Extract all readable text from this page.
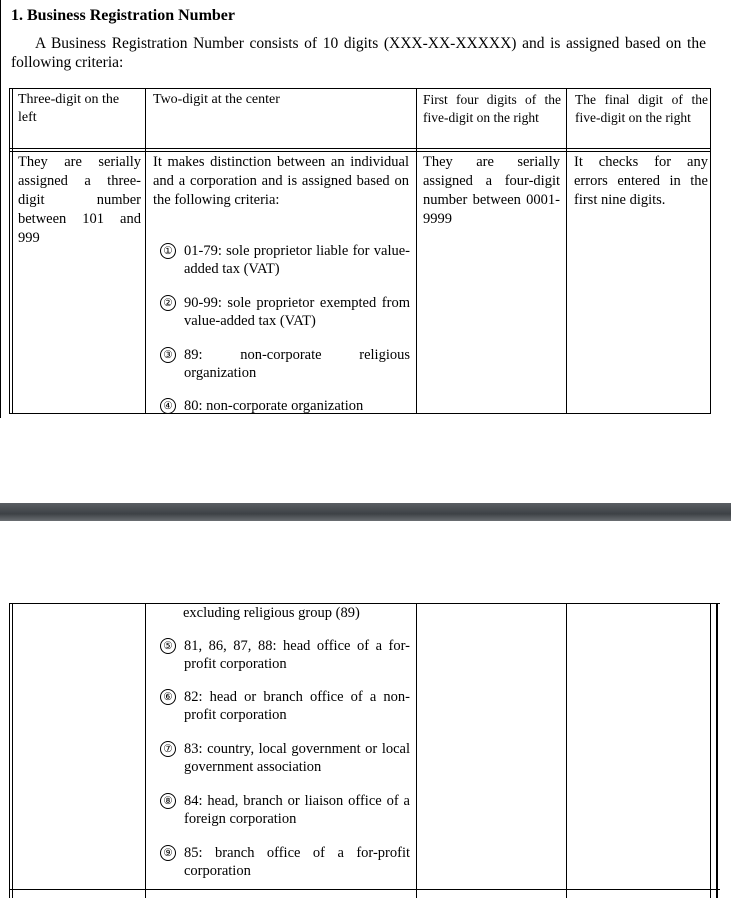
1. Business Registration Number
A Business Registration Number consists of 10 digits (XXX-XX-XXXXX) and is assigned based on the following criteria:
Three-digit on the left
Two-digit at the center	First four digits of the five-digit on the right
The final digit of the five-digit on the right
They are serially assigned a three-digit number between 101 and 999
It makes distinction between an individual and a corporation and is assigned based on the following criteria:
They are serially assigned a four-digit number between 0001-9999
It checks for any errors entered in the first nine digits.
① 01-79: sole proprietor liable for value-added tax (VAT)
② 90-99: sole proprietor exempted from value-added tax (VAT)
③ 89: non-corporate religious organization
④ 80: non-corporate organization
excluding religious group (89)
⑤ 81, 86, 87, 88: head office of a for-profit corporation
⑥ 82: head or branch office of a non-profit corporation
⑦ 83: country, local government or local government association
⑧ 84: head, branch or liaison office of a foreign corporation
⑨ 85: branch office of a for-profit corporation
